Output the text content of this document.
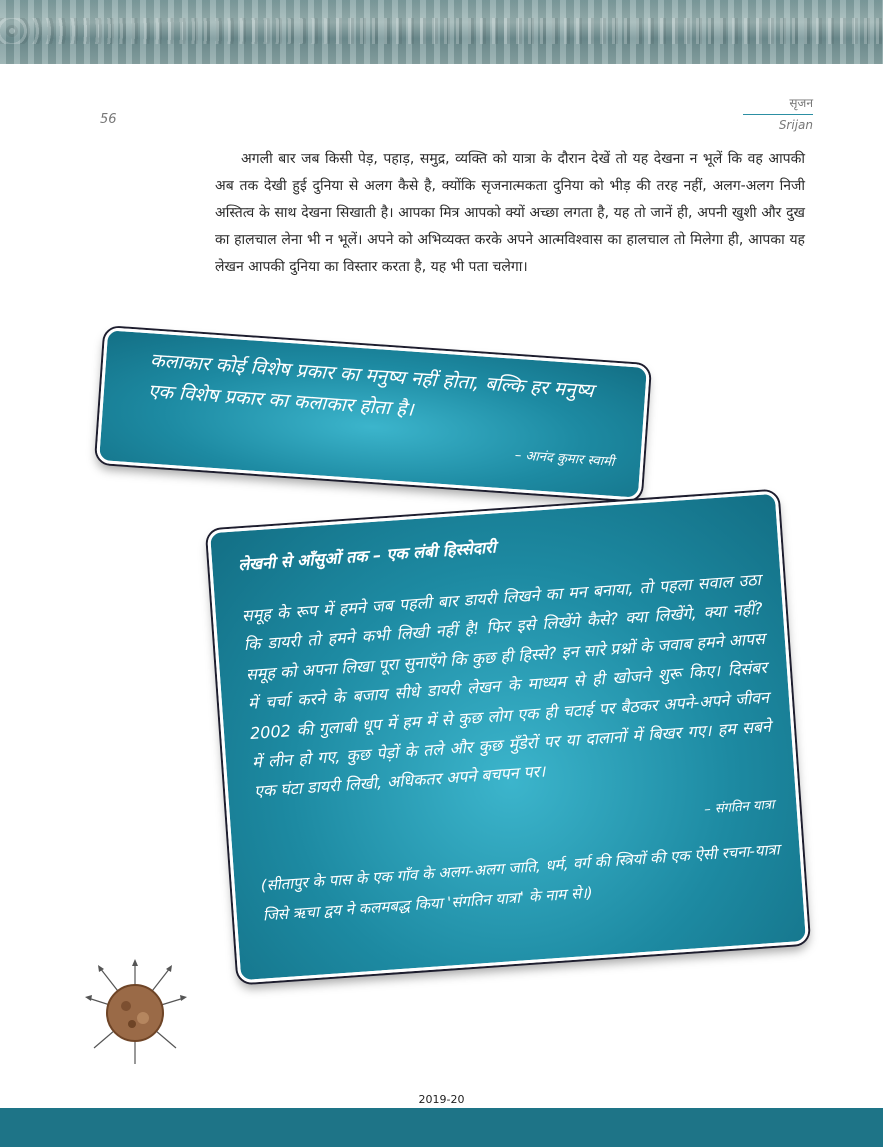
56
सृजन
Srijan
अगली बार जब किसी पेड़, पहाड़, समुद्र, व्यक्ति को यात्रा के दौरान देखें तो यह देखना न भूलें कि वह आपकी अब तक देखी हुई दुनिया से अलग कैसे है, क्योंकि सृजनात्मकता दुनिया को भीड़ की तरह नहीं, अलग-अलग निजी अस्तित्व के साथ देखना सिखाती है। आपका मित्र आपको क्यों अच्छा लगता है, यह तो जानें ही, अपनी खुशी और दुख का हालचाल लेना भी न भूलें। अपने को अभिव्यक्त करके अपने आत्मविश्वास का हालचाल तो मिलेगा ही, आपका यह लेखन आपकी दुनिया का विस्तार करता है, यह भी पता चलेगा।
कलाकार कोई विशेष प्रकार का मनुष्य नहीं होता, बल्कि हर मनुष्य एक विशेष प्रकार का कलाकार होता है।
– आनंद कुमार स्वामी
लेखनी से आँसुओं तक – एक लंबी हिस्सेदारी
समूह के रूप में हमने जब पहली बार डायरी लिखने का मन बनाया, तो पहला सवाल उठा कि डायरी तो हमने कभी लिखी नहीं है! फिर इसे लिखेंगे कैसे? क्या लिखेंगे, क्या नहीं? समूह को अपना लिखा पूरा सुनाएँगे कि कुछ ही हिस्से? इन सारे प्रश्नों के जवाब हमने आपस में चर्चा करने के बजाय सीधे डायरी लेखन के माध्यम से ही खोजने शुरू किए। दिसंबर 2002 की गुलाबी धूप में हम में से कुछ लोग एक ही चटाई पर बैठकर अपने-अपने जीवन में लीन हो गए, कुछ पेड़ों के तले और कुछ मुँडेरों पर या दालानों में बिखर गए। हम सबने एक घंटा डायरी लिखी, अधिकतर अपने बचपन पर।
– संगतिन यात्रा
(सीतापुर के पास के एक गाँव के अलग-अलग जाति, धर्म, वर्ग की स्त्रियों की एक ऐसी रचना-यात्रा जिसे ऋचा द्वय ने कलमबद्ध किया 'संगतिन यात्रा' के नाम से।)
2019-20
